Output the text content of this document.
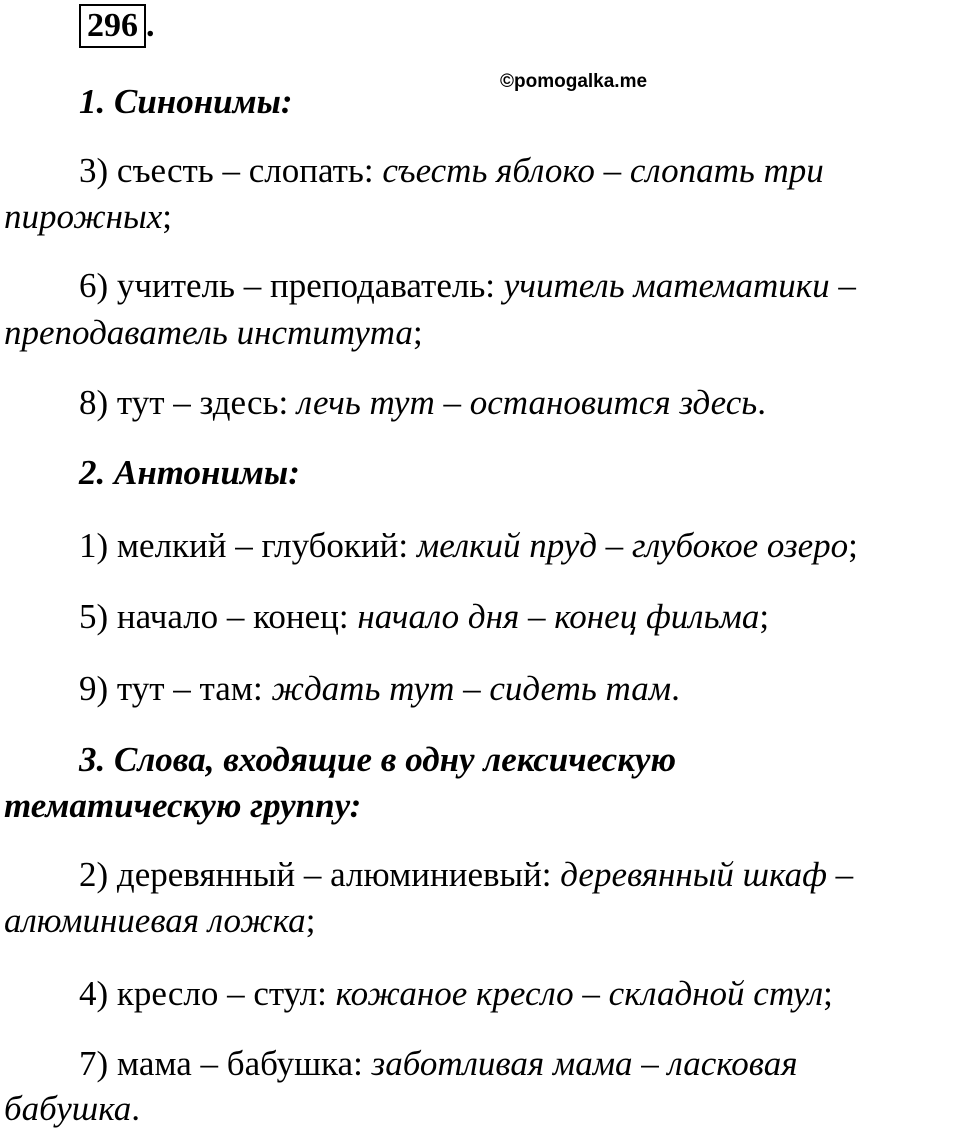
296 .
©pomogalka.me
1. Синонимы:
3) съесть – слопать: съесть яблоко – слопать три
пирожных;
6) учитель – преподаватель: учитель математики –
преподаватель института;
8) тут – здесь: лечь тут – остановится здесь.
2. Антонимы:
1) мелкий – глубокий: мелкий пруд – глубокое озеро;
5) начало – конец: начало дня – конец фильма;
9) тут – там: ждать тут – сидеть там.
3. Слова, входящие в одну лексическую
тематическую группу:
2) деревянный – алюминиевый: деревянный шкаф –
алюминиевая ложка;
4) кресло – стул: кожаное кресло – складной стул;
7) мама – бабушка: заботливая мама – ласковая
бабушка.
